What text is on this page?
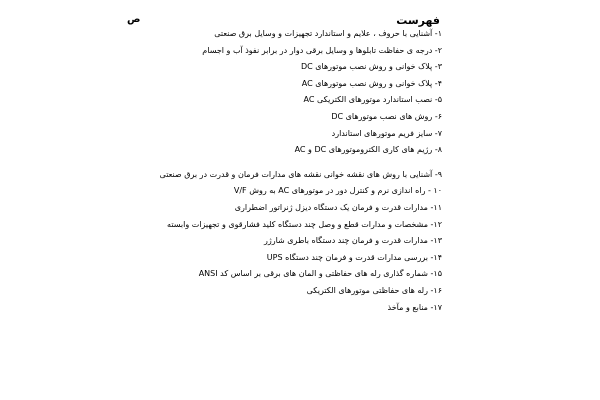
فهرست
ص
۱- آشنایی با حروف ، علایم و استاندارد تجهیزات و وسایل برق صنعتی
۲- درجه ی حفاظت تابلوها و وسایل برقی دوار در برابر نفوذ آب و اجسام
۳- پلاک خوانی و روش نصب موتورهای DC
۴- پلاک خوانی و روش نصب موتورهای AC
۵- نصب استاندارد موتورهای الکتریکی AC
۶- روش های نصب موتورهای DC
۷- سایز فریم موتورهای استاندارد
۸- رژیم های کاری الکتروموتورهای DC و AC
۹- آشنایی با روش های نقشه خوانی نقشه های مدارات فرمان و قدرت در برق صنعتی
۱۰ - راه اندازی نرم و کنترل دور در موتورهای AC به روش V/F
۱۱- مدارات قدرت و فرمان یک دستگاه دیزل ژنراتور اضطراری
۱۲- مشخصات و مدارات قطع و وصل چند دستگاه کلید فشارقوی و تجهیزات وابسته
۱۳- مدارات قدرت و فرمان چند دستگاه باطری شارژر
۱۴- بررسی مدارات قدرت و فرمان چند دستگاه UPS
۱۵- شماره گذاری رله های حفاظتی و المان های برقی بر اساس کد ANSI
۱۶- رله های حفاظتی موتورهای الکتریکی
۱۷- منابع و مآخذ
